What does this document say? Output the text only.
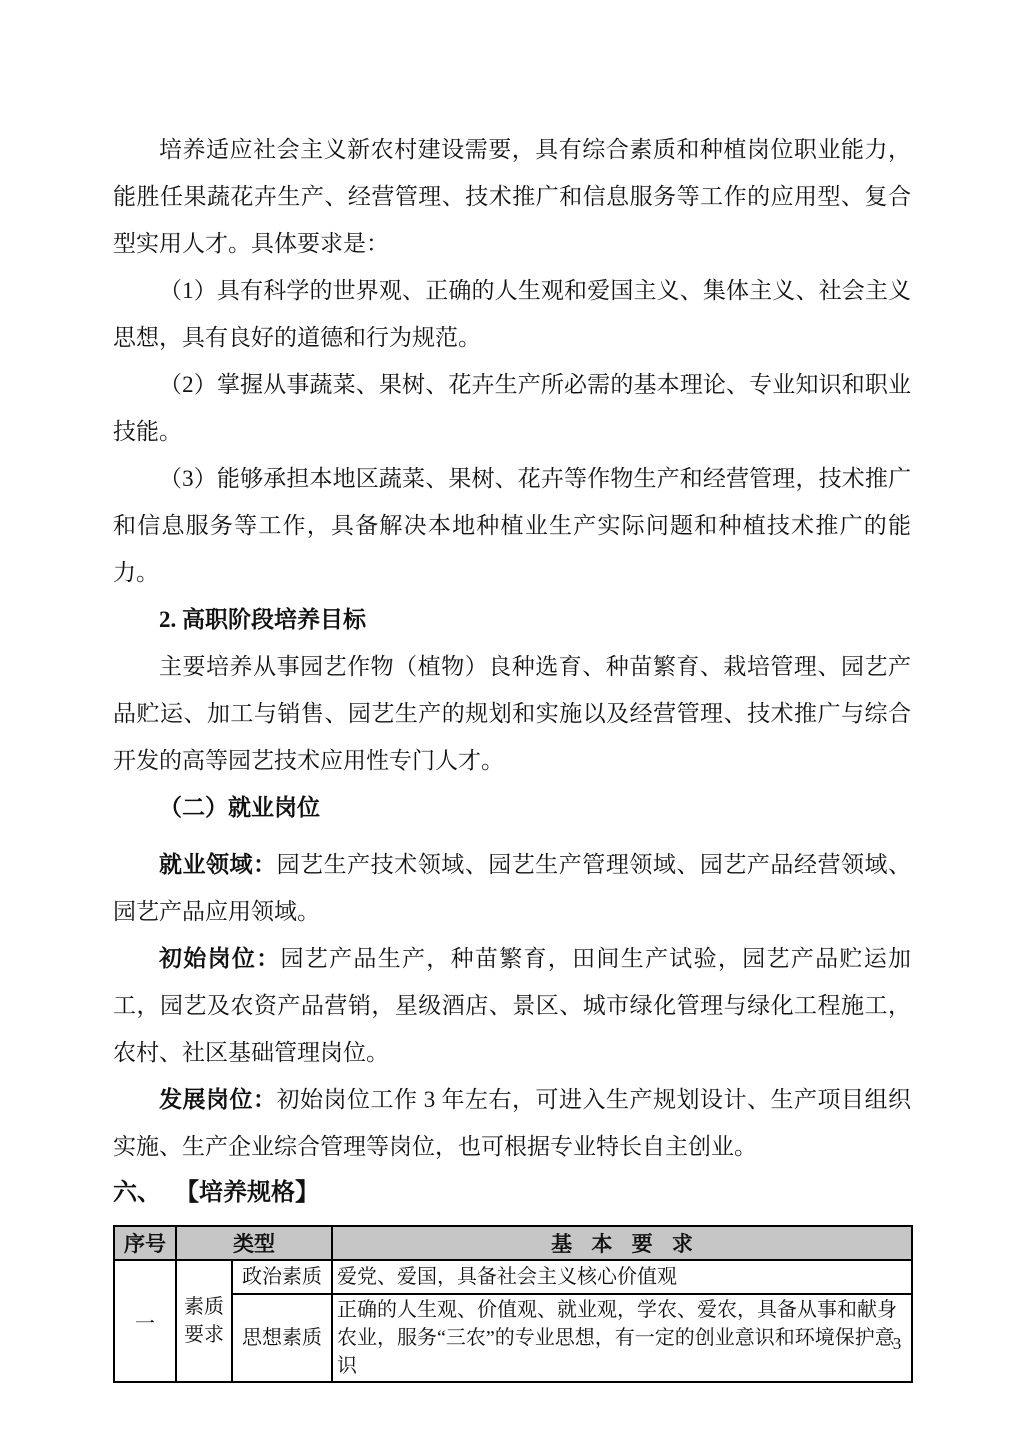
培养适应社会主义新农村建设需要，具有综合素质和种植岗位职业能力，能胜任果蔬花卉生产、经营管理、技术推广和信息服务等工作的应用型、复合型实用人才。具体要求是：

（1）具有科学的世界观、正确的人生观和爱国主义、集体主义、社会主义思想，具有良好的道德和行为规范。

（2）掌握从事蔬菜、果树、花卉生产所必需的基本理论、专业知识和职业技能。

（3）能够承担本地区蔬菜、果树、花卉等作物生产和经营管理，技术推广和信息服务等工作，具备解决本地种植业生产实际问题和种植技术推广的能力。

2. 高职阶段培养目标

主要培养从事园艺作物（植物）良种选育、种苗繁育、栽培管理、园艺产品贮运、加工与销售、园艺生产的规划和实施以及经营管理、技术推广与综合开发的高等园艺技术应用性专门人才。

（二）就业岗位

就业领域：园艺生产技术领域、园艺生产管理领域、园艺产品经营领域、园艺产品应用领域。

初始岗位：园艺产品生产，种苗繁育，田间生产试验，园艺产品贮运加工，园艺及农资产品营销，星级酒店、景区、城市绿化管理与绿化工程施工，农村、社区基础管理岗位。

发展岗位：初始岗位工作 3 年左右，可进入生产规划设计、生产项目组织实施、生产企业综合管理等岗位，也可根据专业特长自主创业。

六、 【培养规格】
序号	类型		基 本 要 求
一	素质要求	政治素质	爱党、爱国，具备社会主义核心价值观
		思想素质	正确的人生观、价值观、就业观，学农、爱农，具备从事和献身农业，服务“三农”的专业思想，有一定的创业意识和环境保护意识
3
